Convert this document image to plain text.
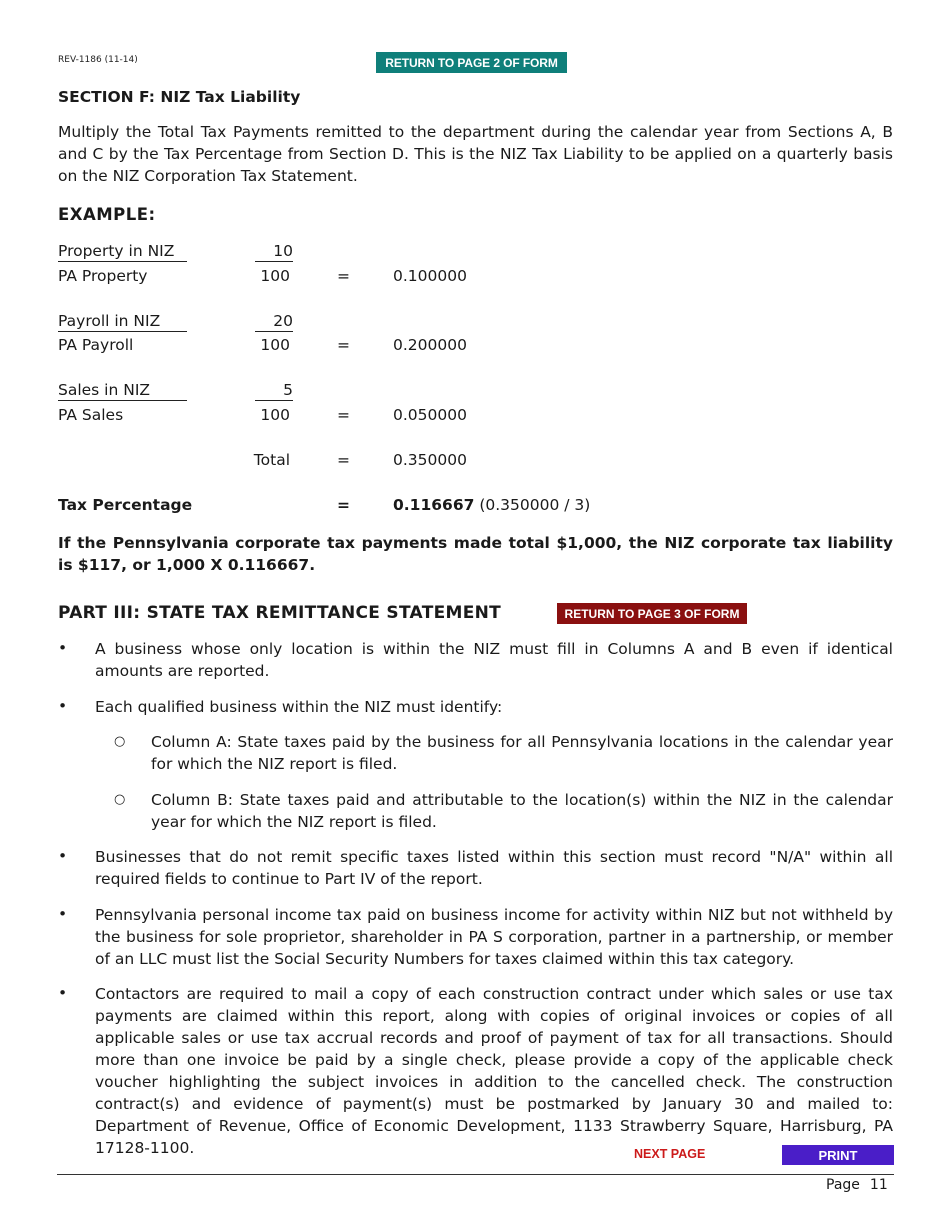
REV-1186 (11-14)	RETURN TO PAGE 2 OF FORM
SECTION F: NIZ Tax Liability
Multiply the Total Tax Payments remitted to the department during the calendar year from Sections A, B and C by the Tax Percentage from Section D. This is the NIZ Tax Liability to be applied on a quarterly basis on the NIZ Corporation Tax Statement.
EXAMPLE:
Property in NIZ	10
PA Property	100	=	0.100000
Payroll in NIZ	20
PA Payroll	100	=	0.200000
Sales in NIZ	5
PA Sales	100	=	0.050000
Total	=	0.350000
Tax Percentage	=	0.116667 (0.350000 / 3)
If the Pennsylvania corporate tax payments made total $1,000, the NIZ corporate tax liability is $117, or 1,000 X 0.116667.
PART III: STATE TAX REMITTANCE STATEMENT	RETURN TO PAGE 3 OF FORM
• A business whose only location is within the NIZ must fill in Columns A and B even if identical amounts are reported.
• Each qualified business within the NIZ must identify:
○ Column A: State taxes paid by the business for all Pennsylvania locations in the calendar year for which the NIZ report is filed.
○ Column B: State taxes paid and attributable to the location(s) within the NIZ in the calendar year for which the NIZ report is filed.
• Businesses that do not remit specific taxes listed within this section must record "N/A" within all required fields to continue to Part IV of the report.
• Pennsylvania personal income tax paid on business income for activity within NIZ but not withheld by the business for sole proprietor, shareholder in PA S corporation, partner in a partnership, or member of an LLC must list the Social Security Numbers for taxes claimed within this tax category.
• Contactors are required to mail a copy of each construction contract under which sales or use tax payments are claimed within this report, along with copies of original invoices or copies of all applicable sales or use tax accrual records and proof of payment of tax for all transactions. Should more than one invoice be paid by a single check, please provide a copy of the applicable check voucher highlighting the subject invoices in addition to the cancelled check. The construction contract(s) and evidence of payment(s) must be postmarked by January 30 and mailed to: Department of Revenue, Office of Economic Development, 1133 Strawberry Square, Harrisburg, PA 17128-1100.	NEXT PAGE	PRINT
Page 11
